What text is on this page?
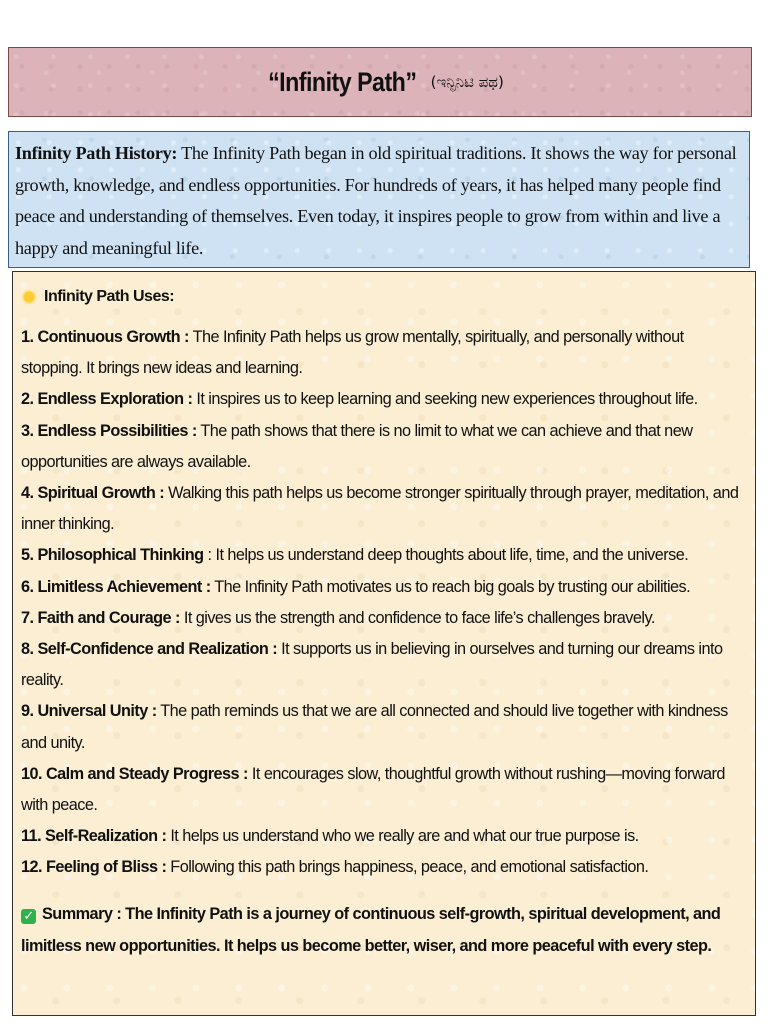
“Infinity Path” (ಇನ್ಫಿನಿಟಿ ಪಥ)
Infinity Path History: The Infinity Path began in old spiritual traditions. It shows the way for personal growth, knowledge, and endless opportunities. For hundreds of years, it has helped many people find peace and understanding of themselves. Even today, it inspires people to grow from within and live a happy and meaningful life.
Infinity Path Uses:
1. Continuous Growth : The Infinity Path helps us grow mentally, spiritually, and personally without stopping. It brings new ideas and learning.
2. Endless Exploration : It inspires us to keep learning and seeking new experiences throughout life.
3. Endless Possibilities : The path shows that there is no limit to what we can achieve and that new opportunities are always available.
4. Spiritual Growth : Walking this path helps us become stronger spiritually through prayer, meditation, and inner thinking.
5. Philosophical Thinking : It helps us understand deep thoughts about life, time, and the universe.
6. Limitless Achievement : The Infinity Path motivates us to reach big goals by trusting our abilities.
7. Faith and Courage : It gives us the strength and confidence to face life’s challenges bravely.
8. Self-Confidence and Realization : It supports us in believing in ourselves and turning our dreams into reality.
9. Universal Unity : The path reminds us that we are all connected and should live together with kindness and unity.
10. Calm and Steady Progress : It encourages slow, thoughtful growth without rushing—moving forward with peace.
11. Self-Realization : It helps us understand who we really are and what our true purpose is.
12. Feeling of Bliss : Following this path brings happiness, peace, and emotional satisfaction.
✓ Summary : The Infinity Path is a journey of continuous self-growth, spiritual development, and limitless new opportunities. It helps us become better, wiser, and more peaceful with every step.
